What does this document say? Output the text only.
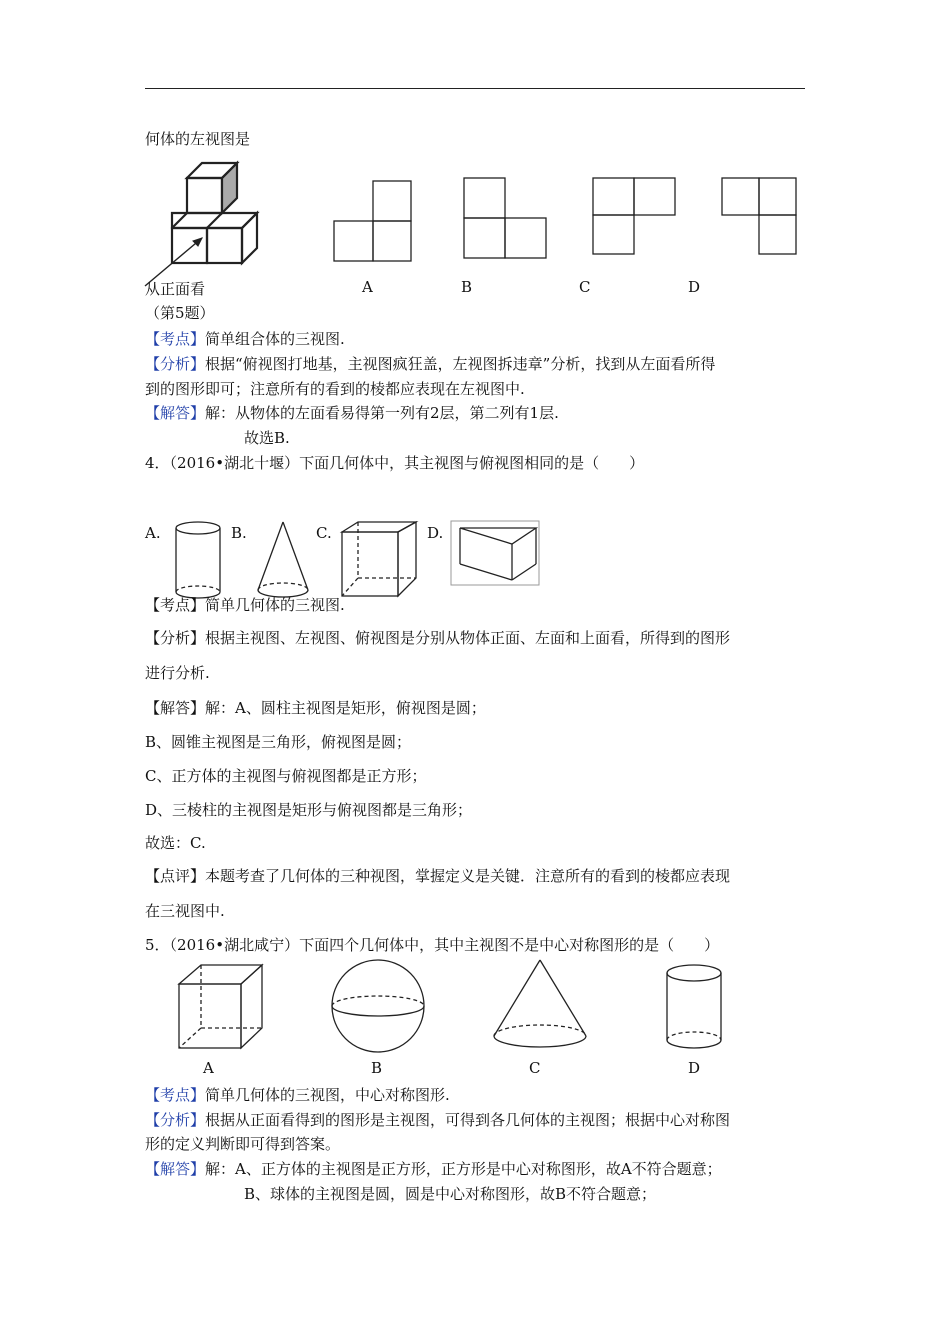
何体的左视图是
从正面看	A	B	C	D
（第5题）
【考点】简单组合体的三视图.
【分析】根据“俯视图打地基，主视图疯狂盖，左视图拆违章”分析，找到从左面看所得
到的图形即可；注意所有的看到的棱都应表现在左视图中.
【解答】解：从物体的左面看易得第一列有2层，第二列有1层.
故选B.
4．（2016•湖北十堰）下面几何体中，其主视图与俯视图相同的是（　　）
A.	B.	C.	D.
【考点】简单几何体的三视图.
【分析】根据主视图、左视图、俯视图是分别从物体正面、左面和上面看，所得到的图形
进行分析.
【解答】解：A、圆柱主视图是矩形，俯视图是圆；
B、圆锥主视图是三角形，俯视图是圆；
C、正方体的主视图与俯视图都是正方形；
D、三棱柱的主视图是矩形与俯视图都是三角形；
故选：C.
【点评】本题考查了几何体的三种视图，掌握定义是关键．注意所有的看到的棱都应表现
在三视图中.
5．（2016•湖北咸宁）下面四个几何体中，其中主视图不是中心对称图形的是（　　）
A	B	C	D
【考点】简单几何体的三视图，中心对称图形.
【分析】根据从正面看得到的图形是主视图，可得到各几何体的主视图；根据中心对称图
形的定义判断即可得到答案。
【解答】解：A、正方体的主视图是正方形，正方形是中心对称图形，故A不符合题意；
B、球体的主视图是圆，圆是中心对称图形，故B不符合题意；
